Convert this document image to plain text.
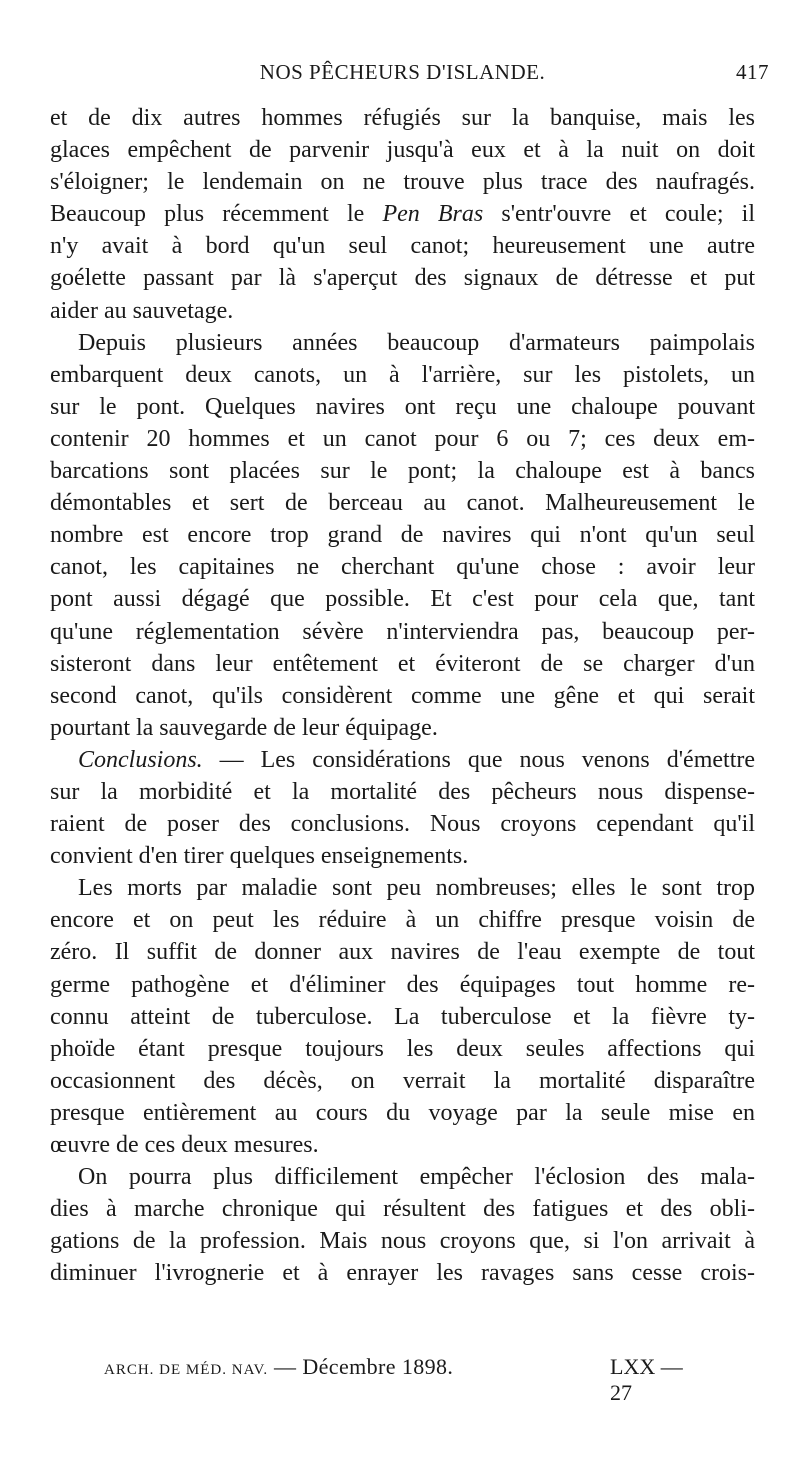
NOS PÊCHEURS D'ISLANDE.	417
et de dix autres hommes réfugiés sur la banquise, mais les
glaces empêchent de parvenir jusqu'à eux et à la nuit on doit
s'éloigner; le lendemain on ne trouve plus trace des naufragés.
Beaucoup plus récemment le Pen Bras s'entr'ouvre et coule; il
n'y avait à bord qu'un seul canot; heureusement une autre
goélette passant par là s'aperçut des signaux de détresse et put
aider au sauvetage.
Depuis plusieurs années beaucoup d'armateurs paimpolais
embarquent deux canots, un à l'arrière, sur les pistolets, un
sur le pont. Quelques navires ont reçu une chaloupe pouvant
contenir 20 hommes et un canot pour 6 ou 7; ces deux em-
barcations sont placées sur le pont; la chaloupe est à bancs
démontables et sert de berceau au canot. Malheureusement le
nombre est encore trop grand de navires qui n'ont qu'un seul
canot, les capitaines ne cherchant qu'une chose : avoir leur
pont aussi dégagé que possible. Et c'est pour cela que, tant
qu'une réglementation sévère n'interviendra pas, beaucoup per-
sisteront dans leur entêtement et éviteront de se charger d'un
second canot, qu'ils considèrent comme une gêne et qui serait
pourtant la sauvegarde de leur équipage.
Conclusions. — Les considérations que nous venons d'émettre
sur la morbidité et la mortalité des pêcheurs nous dispense-
raient de poser des conclusions. Nous croyons cependant qu'il
convient d'en tirer quelques enseignements.
Les morts par maladie sont peu nombreuses; elles le sont trop
encore et on peut les réduire à un chiffre presque voisin de
zéro. Il suffit de donner aux navires de l'eau exempte de tout
germe pathogène et d'éliminer des équipages tout homme re-
connu atteint de tuberculose. La tuberculose et la fièvre ty-
phoïde étant presque toujours les deux seules affections qui
occasionnent des décès, on verrait la mortalité disparaître
presque entièrement au cours du voyage par la seule mise en
œuvre de ces deux mesures.
On pourra plus difficilement empêcher l'éclosion des mala-
dies à marche chronique qui résultent des fatigues et des obli-
gations de la profession. Mais nous croyons que, si l'on arrivait à
diminuer l'ivrognerie et à enrayer les ravages sans cesse crois-
ARCH. DE MÉD. NAV. — Décembre 1898.	LXX — 27
